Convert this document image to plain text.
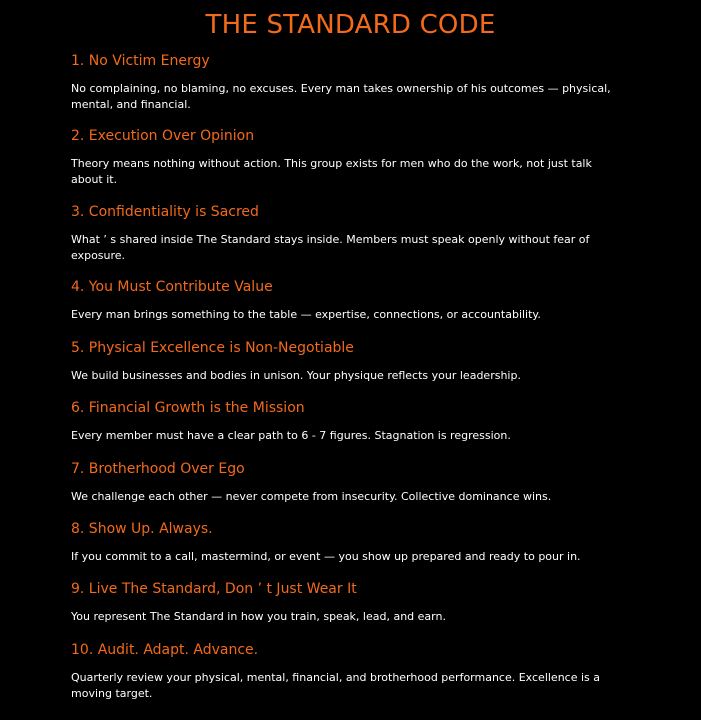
THE STANDARD CODE

1. No Victim Energy

No complaining, no blaming, no excuses. Every man takes ownership of his outcomes — physical, mental, and financial.

2. Execution Over Opinion

Theory means nothing without action. This group exists for men who do the work, not just talk about it.

3. Confidentiality is Sacred

What ’ s shared inside The Standard stays inside. Members must speak openly without fear of exposure.

4. You Must Contribute Value

Every man brings something to the table — expertise, connections, or accountability.

5. Physical Excellence is Non-Negotiable

We build businesses and bodies in unison. Your physique reflects your leadership.

6. Financial Growth is the Mission

Every member must have a clear path to 6 - 7 figures. Stagnation is regression.

7. Brotherhood Over Ego

We challenge each other — never compete from insecurity. Collective dominance wins.

8. Show Up. Always.

If you commit to a call, mastermind, or event — you show up prepared and ready to pour in.

9. Live The Standard, Don ’ t Just Wear It

You represent The Standard in how you train, speak, lead, and earn.

10. Audit. Adapt. Advance.

Quarterly review your physical, mental, financial, and brotherhood performance. Excellence is a moving target.
